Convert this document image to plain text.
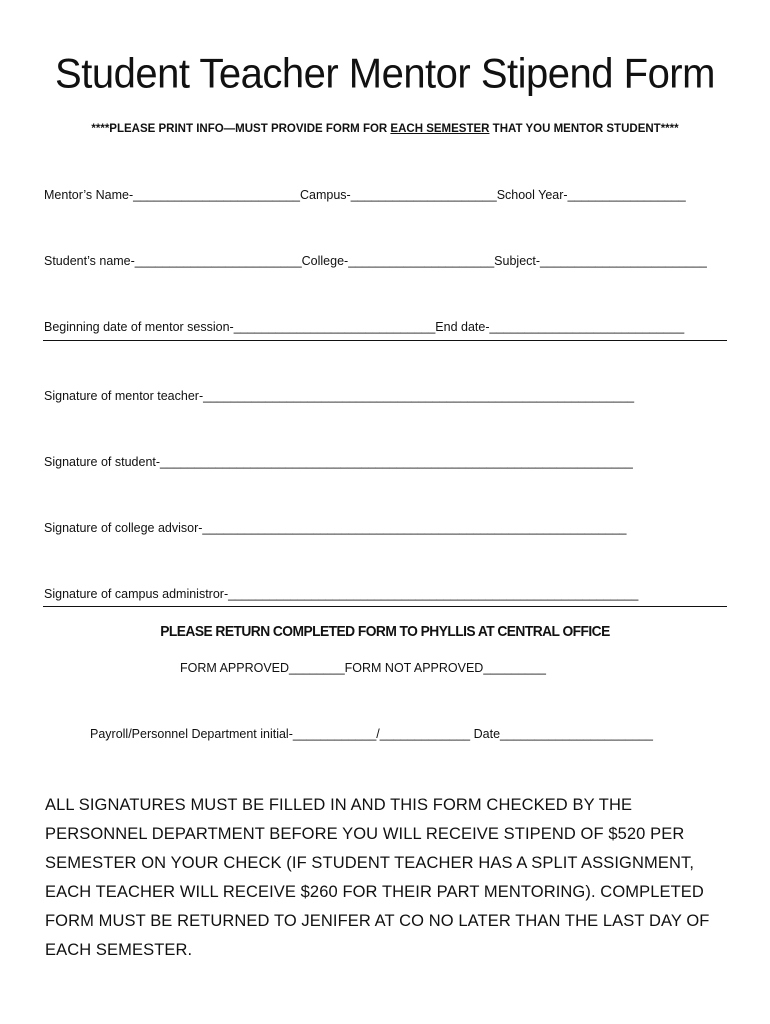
Student Teacher Mentor Stipend Form
****PLEASE PRINT INFO—MUST PROVIDE FORM FOR EACH SEMESTER THAT YOU MENTOR STUDENT****
Mentor’s Name-________________________Campus-_____________________School Year-_________________
Student’s name-________________________College-_____________________Subject-________________________
Beginning date of mentor session-_____________________________End date-____________________________
Signature of mentor teacher-______________________________________________________________
Signature of student-____________________________________________________________________
Signature of college advisor-_____________________________________________________________
Signature of campus administror-___________________________________________________________
PLEASE RETURN COMPLETED FORM TO PHYLLIS AT CENTRAL OFFICE
FORM APPROVED________FORM NOT APPROVED_________
Payroll/Personnel Department initial-____________/_____________ Date______________________
ALL SIGNATURES MUST BE FILLED IN AND THIS FORM CHECKED BY THE PERSONNEL DEPARTMENT BEFORE YOU WILL RECEIVE STIPEND OF $520 PER SEMESTER ON YOUR CHECK (IF STUDENT TEACHER HAS A SPLIT ASSIGNMENT, EACH TEACHER WILL RECEIVE $260 FOR THEIR PART MENTORING). COMPLETED FORM MUST BE RETURNED TO JENIFER AT CO NO LATER THAN THE LAST DAY OF EACH SEMESTER.
